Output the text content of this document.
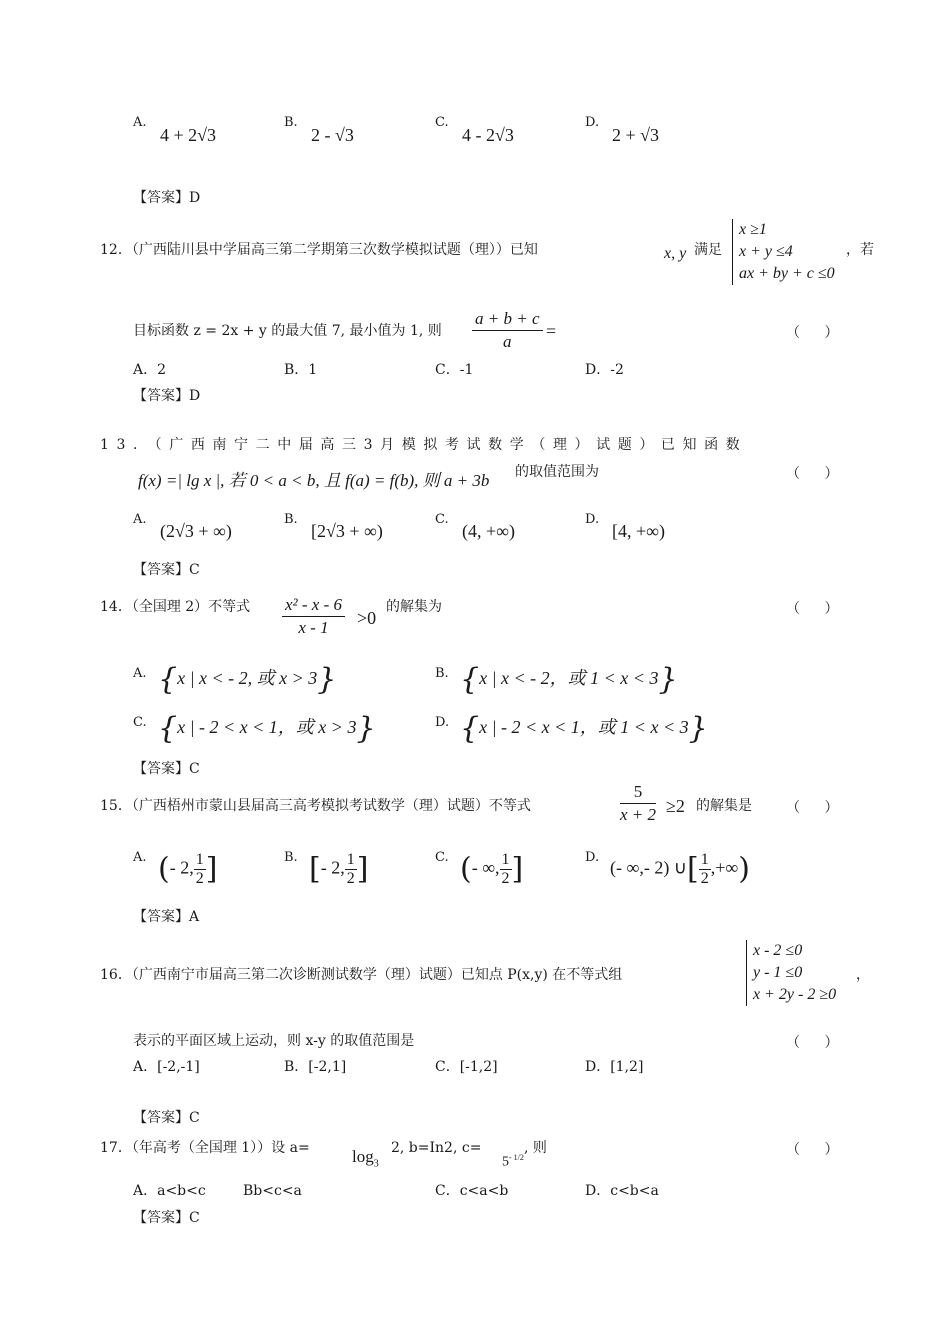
A.
4 + 2√3
B.
2 - √3
C.
4 - 2√3
D.
2 + √3
【答案】D
12．（广西陆川县中学届高三第二学期第三次数学模拟试题（理））已知	x, y 满足
x ≥1
x + y ≤4
ax + by + c ≤0
，若
目标函数 z = 2x + y 的最大值 7, 最小值为 1, 则 $\frac{a + b + c}{a}$ =	（ ）
A．2	B．1	C．-1	D．-2
【答案】D
13．（广西南宁二中届高三3月模拟考试数学（理）试题）已知函数
f(x) =| lg x |, 若 0 < a < b, 且 f(a) = f(b), 则 a + 3b 的取值范围为	（ ）
A.
(2√3 + ∞)
B.
[2√3 + ∞)
C.
(4, +∞)
D.
[4, +∞)
【答案】C
14．（全国理 2）不等式 $\frac{\text{x² - x - 6}}{x - 1} >0$
的解集为	（ ）
A. {x | x < - 2, 或 x > 3}	B. {x | x < - 2，或 1 < x < 3}
C. {x | - 2 < x < 1，或 x > 3}	D. {x | - 2 < x < 1，或 1 < x < 3}
【答案】C
15．（广西梧州市蒙山县届高三高考模拟考试数学（理）试题）不等式	$\frac{5}{x + 2} \ge 2$ 的解集是 （ ）
A. (- 2, $\frac{1}{2}$ ]	B. [- 2, $\frac{1}{2}$ ]	C. (- ∞, $\frac{1}{2}$ ]	D.
(- ∞,- 2) ∪[ $\frac{1}{2}$ ,+∞)
【答案】A
16．（广西南宁市届高三第二次诊断测试数学（理）试题）已知点 P(x,y) 在不等式组
x - 2 ≤0
y - 1 ≤0
x + 2y - 2 ≥0
，
表示的平面区域上运动，则 x-y 的取值范围是	（ ）
A．[-2,-1]	B．[-2,1]	C．[-1,2]	D．[1,2]
【答案】C
17．（年高考（全国理 1））设 $a= \log_3$
2, b=In2, c=
$5^{- 1/2}$
, 则	（ ）
A．a<b<c	Bb<c<a	C．c<a<b	D．c<b<a
【答案】C
